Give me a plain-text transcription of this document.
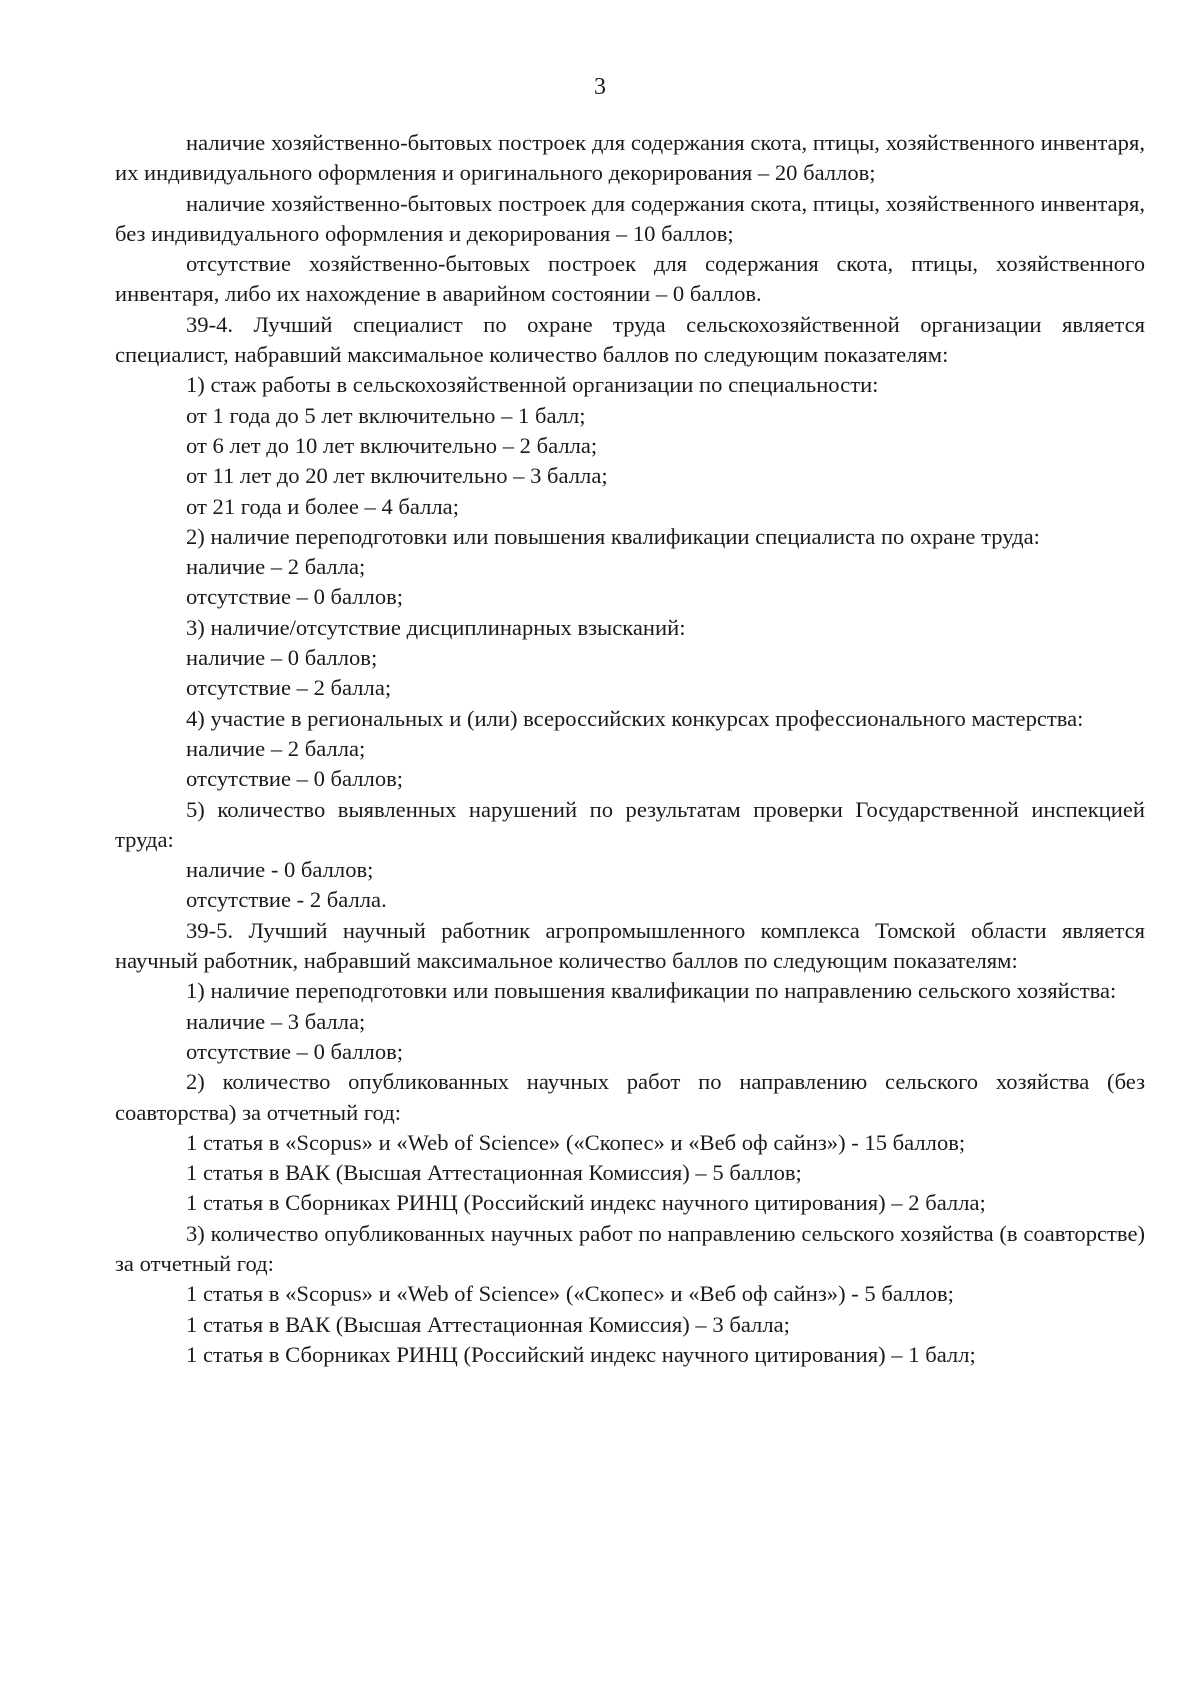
3

наличие хозяйственно-бытовых построек для содержания скота, птицы, хозяйственного инвентаря, их индивидуального оформления и оригинального декорирования – 20 баллов;

наличие хозяйственно-бытовых построек для содержания скота, птицы, хозяйственного инвентаря, без индивидуального оформления и декорирования – 10 баллов;

отсутствие хозяйственно-бытовых построек для содержания скота, птицы, хозяйственного инвентаря, либо их нахождение в аварийном состоянии – 0 баллов.

39-4. Лучший специалист по охране труда сельскохозяйственной организации является специалист, набравший максимальное количество баллов по следующим показателям:

1) стаж работы в сельскохозяйственной организации по специальности:

от 1 года до 5 лет включительно – 1 балл;

от 6 лет до 10 лет включительно – 2 балла;

от 11 лет до 20 лет включительно – 3 балла;

от 21 года и более – 4 балла;

2) наличие переподготовки или повышения квалификации специалиста по охране труда:

наличие – 2 балла;

отсутствие – 0 баллов;

3) наличие/отсутствие дисциплинарных взысканий:

наличие – 0 баллов;

отсутствие – 2 балла;

4) участие в региональных и (или) всероссийских конкурсах профессионального мастерства:

наличие – 2 балла;

отсутствие – 0 баллов;

5) количество выявленных нарушений по результатам проверки Государственной инспекцией труда:

наличие - 0 баллов;

отсутствие - 2 балла.

39-5. Лучший научный работник агропромышленного комплекса Томской области является научный работник, набравший максимальное количество баллов по следующим показателям:

1) наличие переподготовки или повышения квалификации по направлению сельского хозяйства:

наличие – 3 балла;

отсутствие – 0 баллов;

2) количество опубликованных научных работ по направлению сельского хозяйства (без соавторства) за отчетный год:

1 статья в «Scopus» и «Web of Science» («Скопес» и «Веб оф сайнз») - 15 баллов;

1 статья в ВАК (Высшая Аттестационная Комиссия) – 5 баллов;

1 статья в Сборниках РИНЦ (Российский индекс научного цитирования) – 2 балла;

3) количество опубликованных научных работ по направлению сельского хозяйства (в соавторстве) за отчетный год:

1 статья в «Scopus» и «Web of Science» («Скопес» и «Веб оф сайнз») - 5 баллов;

1 статья в ВАК (Высшая Аттестационная Комиссия) – 3 балла;

1 статья в Сборниках РИНЦ (Российский индекс научного цитирования) – 1 балл;
